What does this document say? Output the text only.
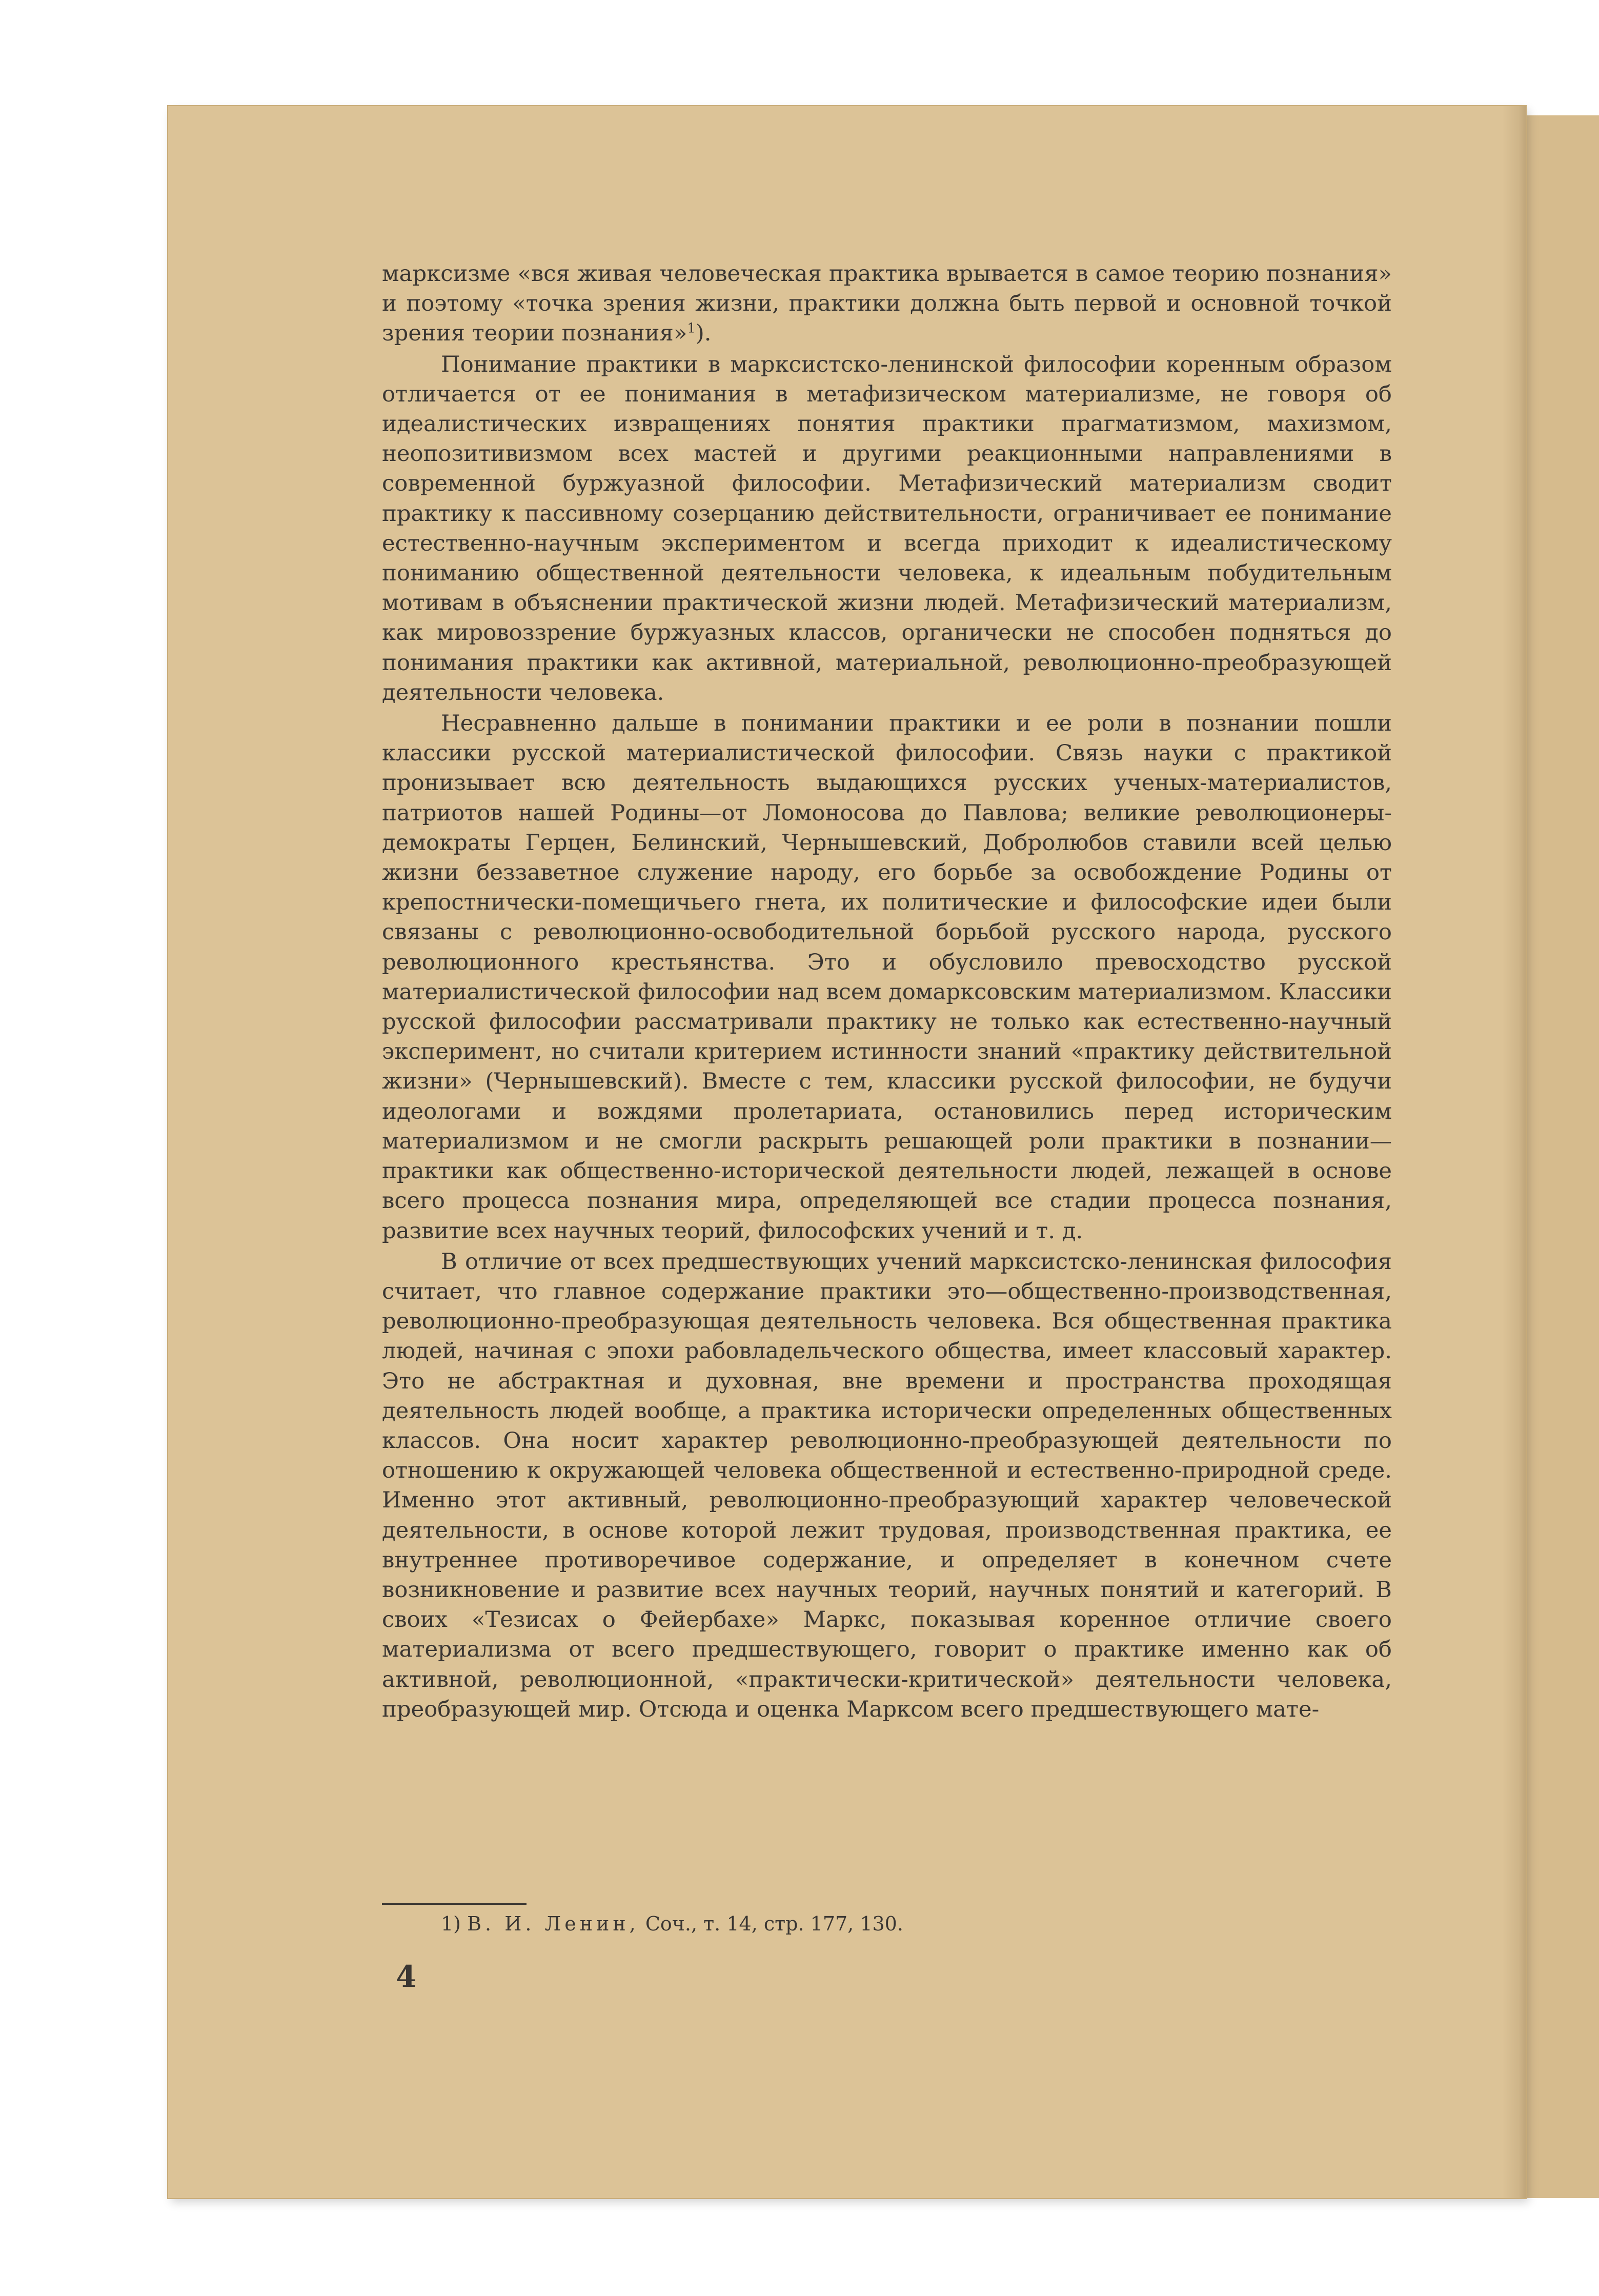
марксизме «вся живая человеческая практика врывается в самое теорию познания» и поэтому «точка зрения жизни, практики должна быть первой и основной точкой зрения теории познания»$^1$).

Понимание практики в марксистско-ленинской философии коренным образом отличается от ее понимания в метафизическом материализме, не говоря об идеалистических извращениях понятия практики прагматизмом, махизмом, неопозитивизмом всех мастей и другими реакционными направлениями в современной буржуазной философии. Метафизический материализм сводит практику к пассивному созерцанию действительности, ограничивает ее понимание естественно-научным экспериментом и всегда приходит к идеалистическому пониманию общественной деятельности человека, к идеальным побудительным мотивам в объяснении практической жизни людей. Метафизический материализм, как мировоззрение буржуазных классов, органически не способен подняться до понимания практики как активной, материальной, революционно-преобразующей деятельности человека.

Несравненно дальше в понимании практики и ее роли в познании пошли классики русской материалистической философии. Связь науки с практикой пронизывает всю деятельность выдающихся русских ученых-материалистов, патриотов нашей Родины—от Ломоносова до Павлова; великие революционеры-демократы Герцен, Белинский, Чернышевский, Добролюбов ставили всей целью жизни беззаветное служение народу, его борьбе за освобождение Родины от крепостнически-помещичьего гнета, их политические и философские идеи были связаны с революционно-освободительной борьбой русского народа, русского революционного крестьянства. Это и обусловило превосходство русской материалистической философии над всем домарксовским материализмом. Классики русской философии рассматривали практику не только как естественно-научный эксперимент, но считали критерием истинности знаний «практику действительной жизни» (Чернышевский). Вместе с тем, классики русской философии, не будучи идеологами и вождями пролетариата, остановились перед историческим материализмом и не смогли раскрыть решающей роли практики в познании—практики как общественно-исторической деятельности людей, лежащей в основе всего процесса познания мира, определяющей все стадии процесса познания, развитие всех научных теорий, философских учений и т. д.

В отличие от всех предшествующих учений марксистско-ленинская философия считает, что главное содержание практики это—общественно-производственная, революционно-преобразующая деятельность человека. Вся общественная практика людей, начиная с эпохи рабовладельческого общества, имеет классовый характер. Это не абстрактная и духовная, вне времени и пространства проходящая деятельность людей вообще, а практика исторически определенных общественных классов. Она носит характер революционно-преобразующей деятельности по отношению к окружающей человека общественной и естественно-природной среде. Именно этот активный, революционно-преобразующий характер человеческой деятельности, в основе которой лежит трудовая, производственная практика, ее внутреннее противоречивое содержание, и определяет в конечном счете возникновение и развитие всех научных теорий, научных понятий и категорий. В своих «Тезисах о Фейербахе» Маркс, показывая коренное отличие своего материализма от всего предшествующего, говорит о практике именно как об активной, революционной, «практически-критической» деятельности человека, преобразующей мир. Отсюда и оценка Марксом всего предшествующего мате-

1) В. И. Ленин, Соч., т. 14, стр. 177, 130.
4
